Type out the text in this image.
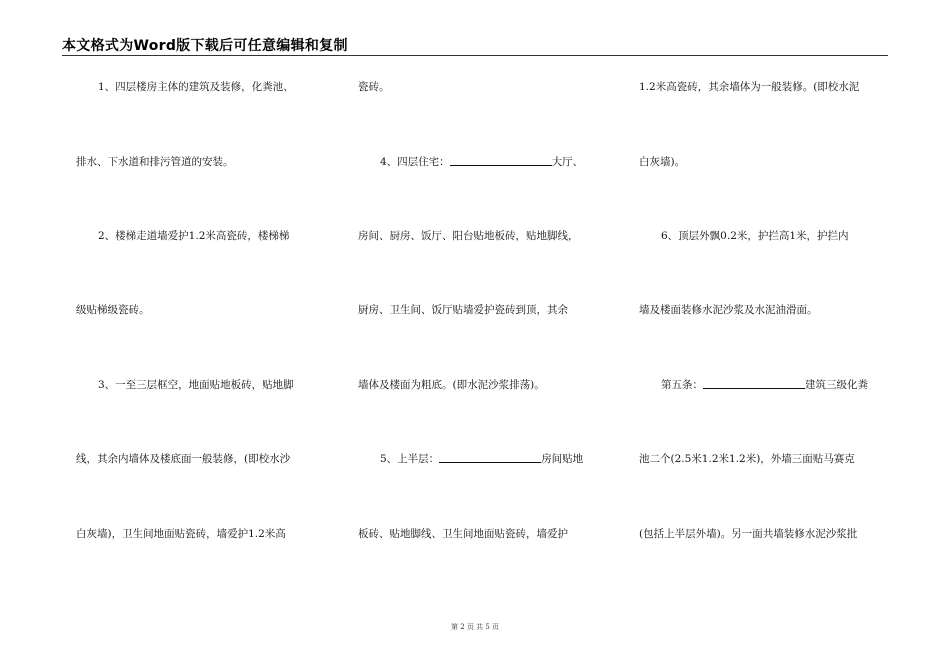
本文格式为Word版下载后可任意编辑和复制
1、四层楼房主体的建筑及装修，化粪池、
排水、下水道和排污管道的安装。
2、楼梯走道墙爱护1.2米高瓷砖，楼梯梯
级贴梯级瓷砖。
3、一至三层框空，地面贴地板砖，贴地脚
线，其余内墙体及楼底面一般装修，(即校水沙
白灰墙)，卫生间地面贴瓷砖，墙爱护1.2米高
瓷砖。
4、四层住宅：	大厅、
房间、厨房、饭厅、阳台贴地板砖，贴地脚线，
厨房、卫生间、饭厅贴墙爱护瓷砖到顶，其余
墙体及楼面为粗底。(即水泥沙浆排荡)。
5、上半层：	房间贴地
板砖、贴地脚线、卫生间地面贴瓷砖，墙爱护
1.2米高瓷砖，其余墙体为一般装修。(即校水泥
白灰墙)。
6、顶层外飘0.2米，护拦高1米，护拦内
墙及楼面装修水泥沙浆及水泥油滑面。
第五条：	建筑三级化粪
池二个(2.5米1.2米1.2米)，外墙三面贴马赛克
(包括上半层外墙)。另一面共墙装修水泥沙浆批
第 2 页 共 5 页
